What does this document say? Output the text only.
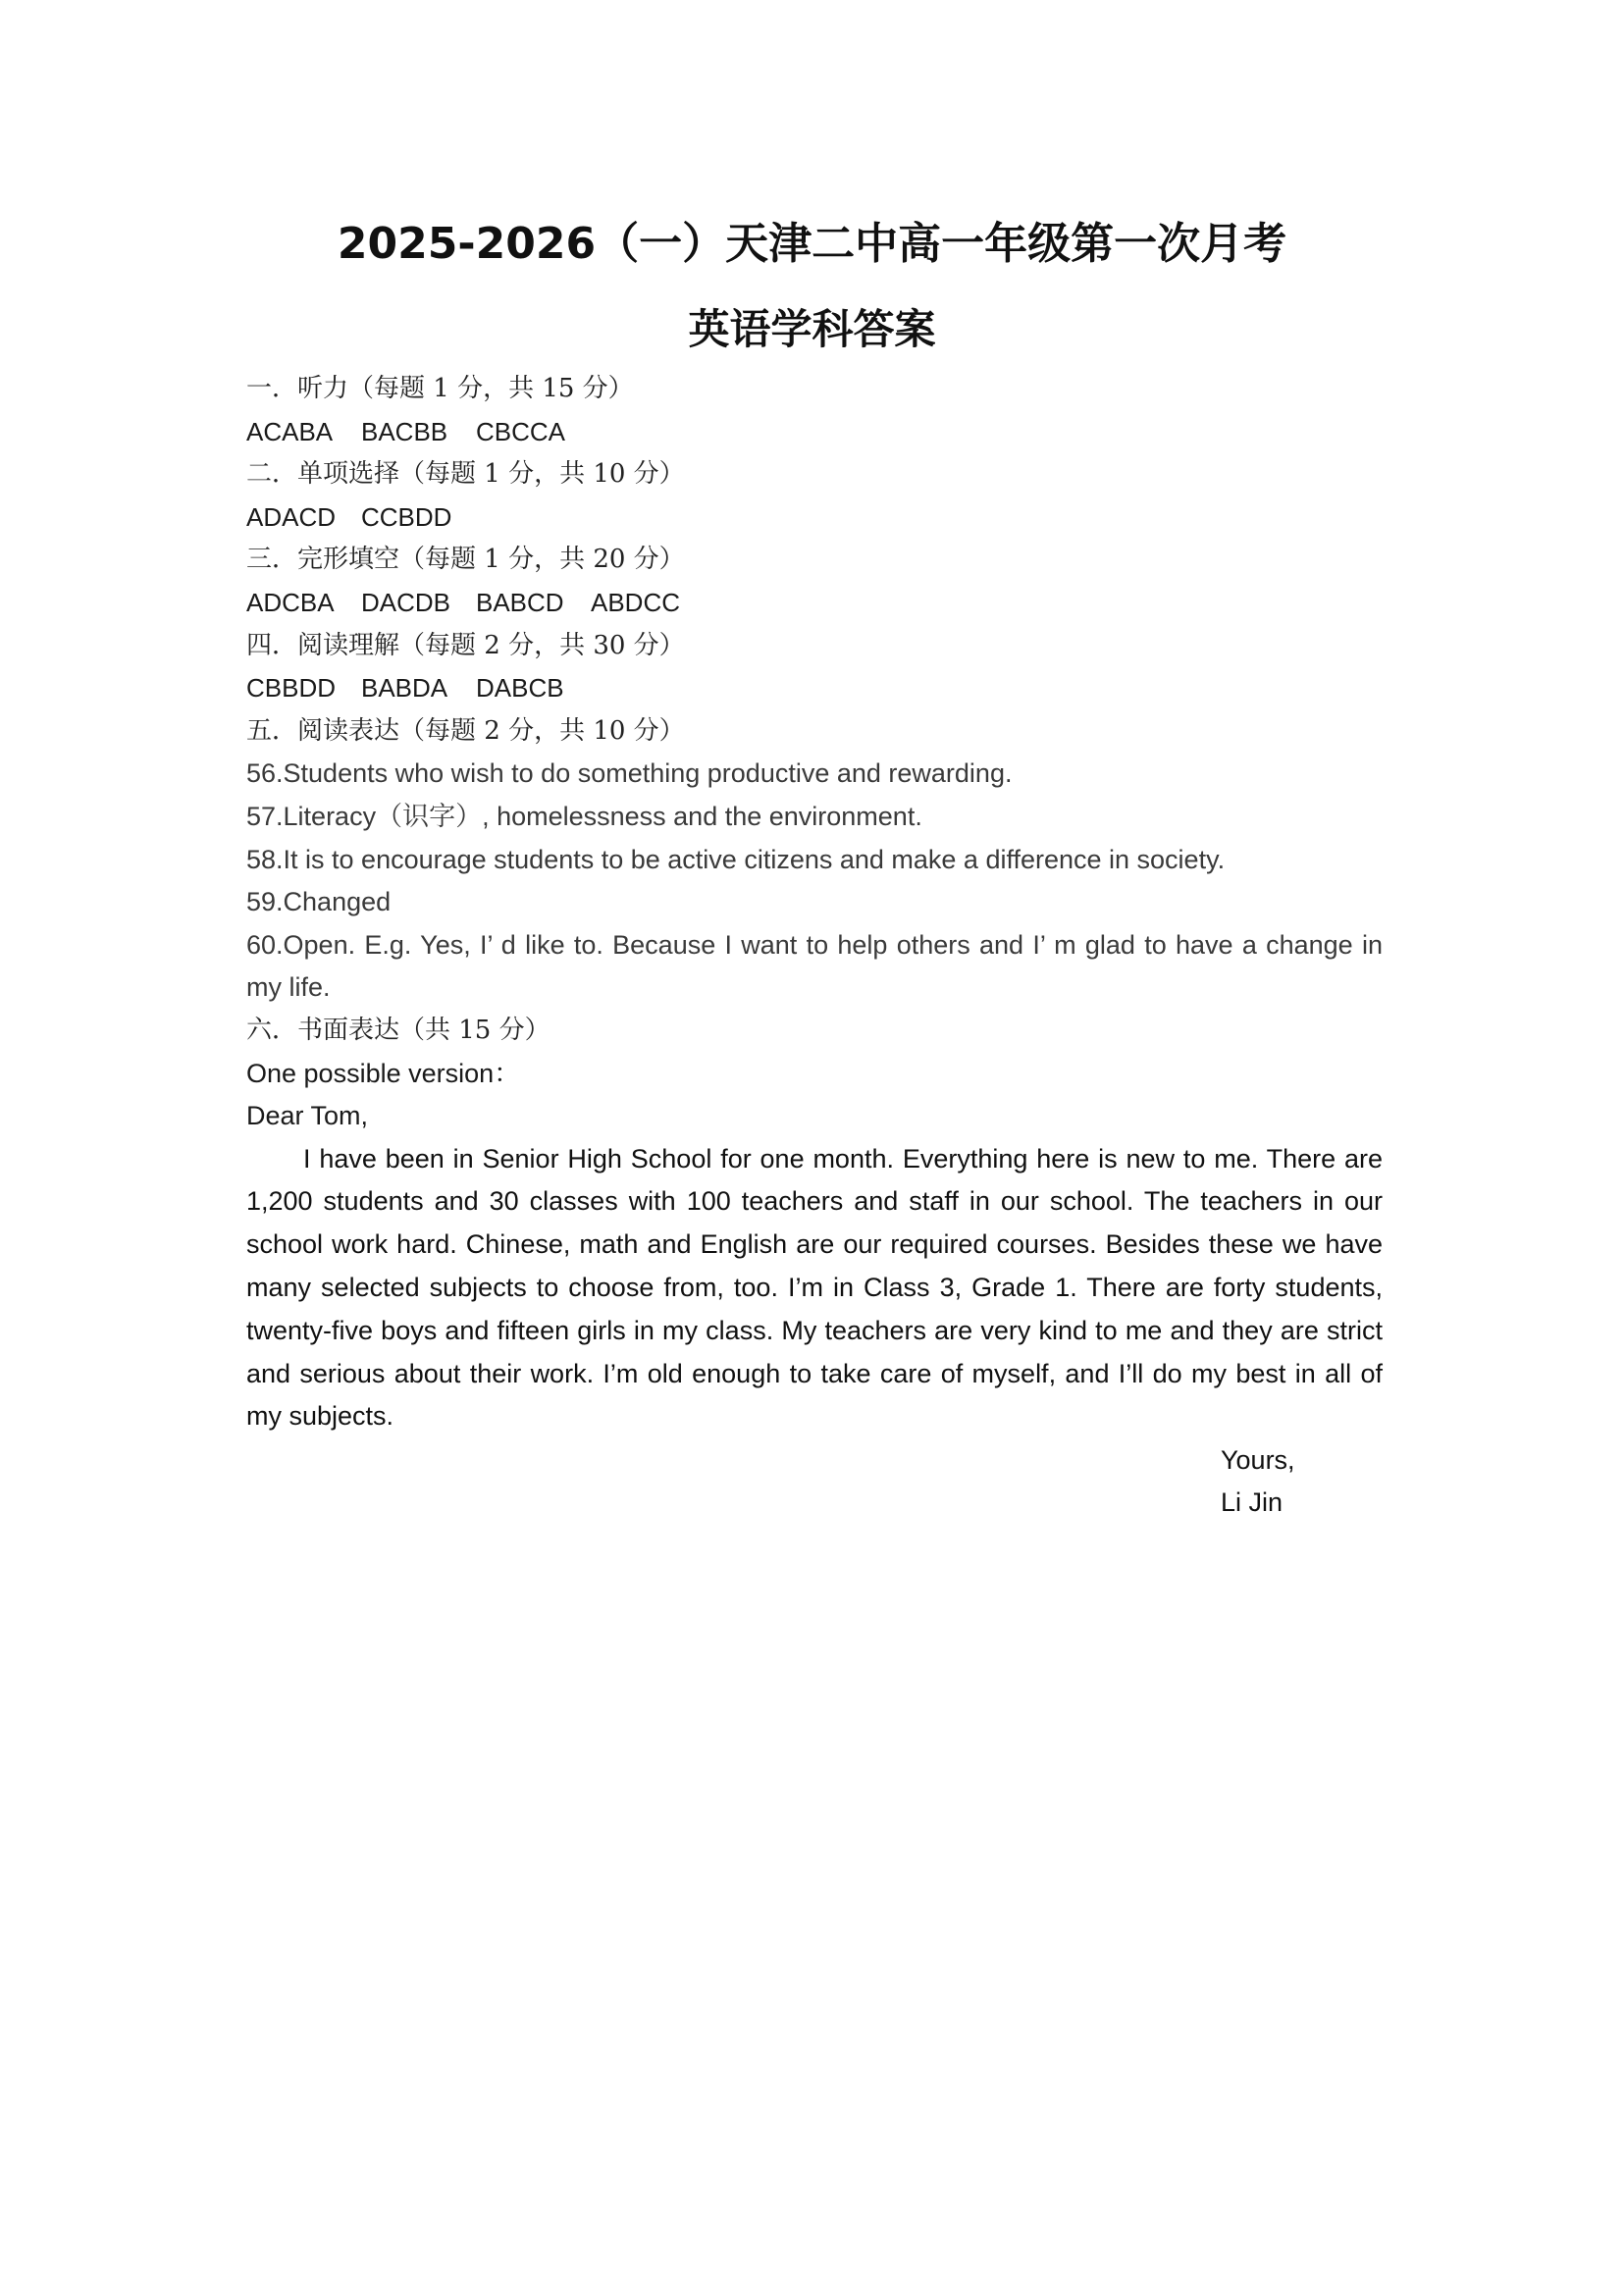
2025-2026（一）天津二中高一年级第一次月考
英语学科答案
一．听力（每题 1 分，共 15 分）
ACABA BACBB CBCCA
二．单项选择（每题 1 分，共 10 分）
ADACD CCBDD
三．完形填空（每题 1 分，共 20 分）
ADCBA DACDB BABCD ABDCC
四．阅读理解（每题 2 分，共 30 分）
CBBDD BABDA DABCB
五．阅读表达（每题 2 分，共 10 分）
56.Students who wish to do something productive and rewarding.
57.Literacy（识字）, homelessness and the environment.
58.It is to encourage students to be active citizens and make a difference in society.
59.Changed

60.Open. E.g. Yes, I’ d like to. Because I want to help others and I’ m glad to have a change in my life.

六．书面表达（共 15 分）
One possible version：
Dear Tom,

I have been in Senior High School for one month. Everything here is new to me. There are 1,200 students and 30 classes with 100 teachers and staff in our school. The teachers in our school work hard. Chinese, math and English are our required courses. Besides these we have many selected subjects to choose from, too. I’m in Class 3, Grade 1. There are forty students, twenty-five boys and fifteen girls in my class. My teachers are very kind to me and they are strict and serious about their work. I’m old enough to take care of myself, and I’ll do my best in all of my subjects.

Yours,
Li Jin
